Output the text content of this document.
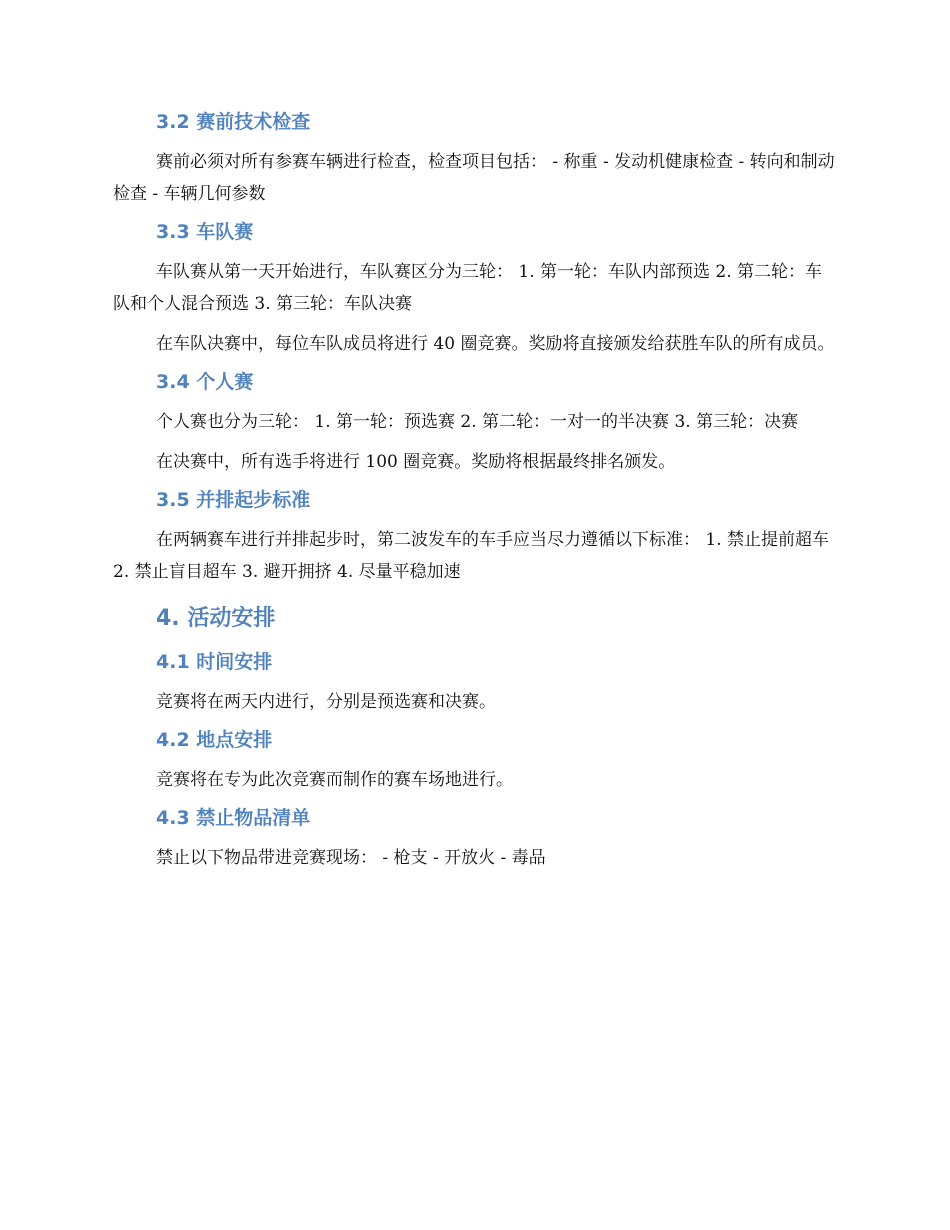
3.2 赛前技术检查

赛前必须对所有参赛车辆进行检查，检查项目包括： - 称重 - 发动机健康检查 - 转向和制动检查 - 车辆几何参数

3.3 车队赛

车队赛从第一天开始进行，车队赛区分为三轮： 1. 第一轮：车队内部预选 2. 第二轮：车队和个人混合预选 3. 第三轮：车队决赛

在车队决赛中，每位车队成员将进行 40 圈竞赛。奖励将直接颁发给获胜车队的所有成员。

3.4 个人赛

个人赛也分为三轮： 1. 第一轮：预选赛 2. 第二轮：一对一的半决赛 3. 第三轮：决赛

在决赛中，所有选手将进行 100 圈竞赛。奖励将根据最终排名颁发。

3.5 并排起步标准

在两辆赛车进行并排起步时，第二波发车的车手应当尽力遵循以下标准： 1. 禁止提前超车 2. 禁止盲目超车 3. 避开拥挤 4. 尽量平稳加速

4. 活动安排
4.1 时间安排

竞赛将在两天内进行，分别是预选赛和决赛。

4.2 地点安排

竞赛将在专为此次竞赛而制作的赛车场地进行。

4.3 禁止物品清单

禁止以下物品带进竞赛现场： - 枪支 - 开放火 - 毒品
